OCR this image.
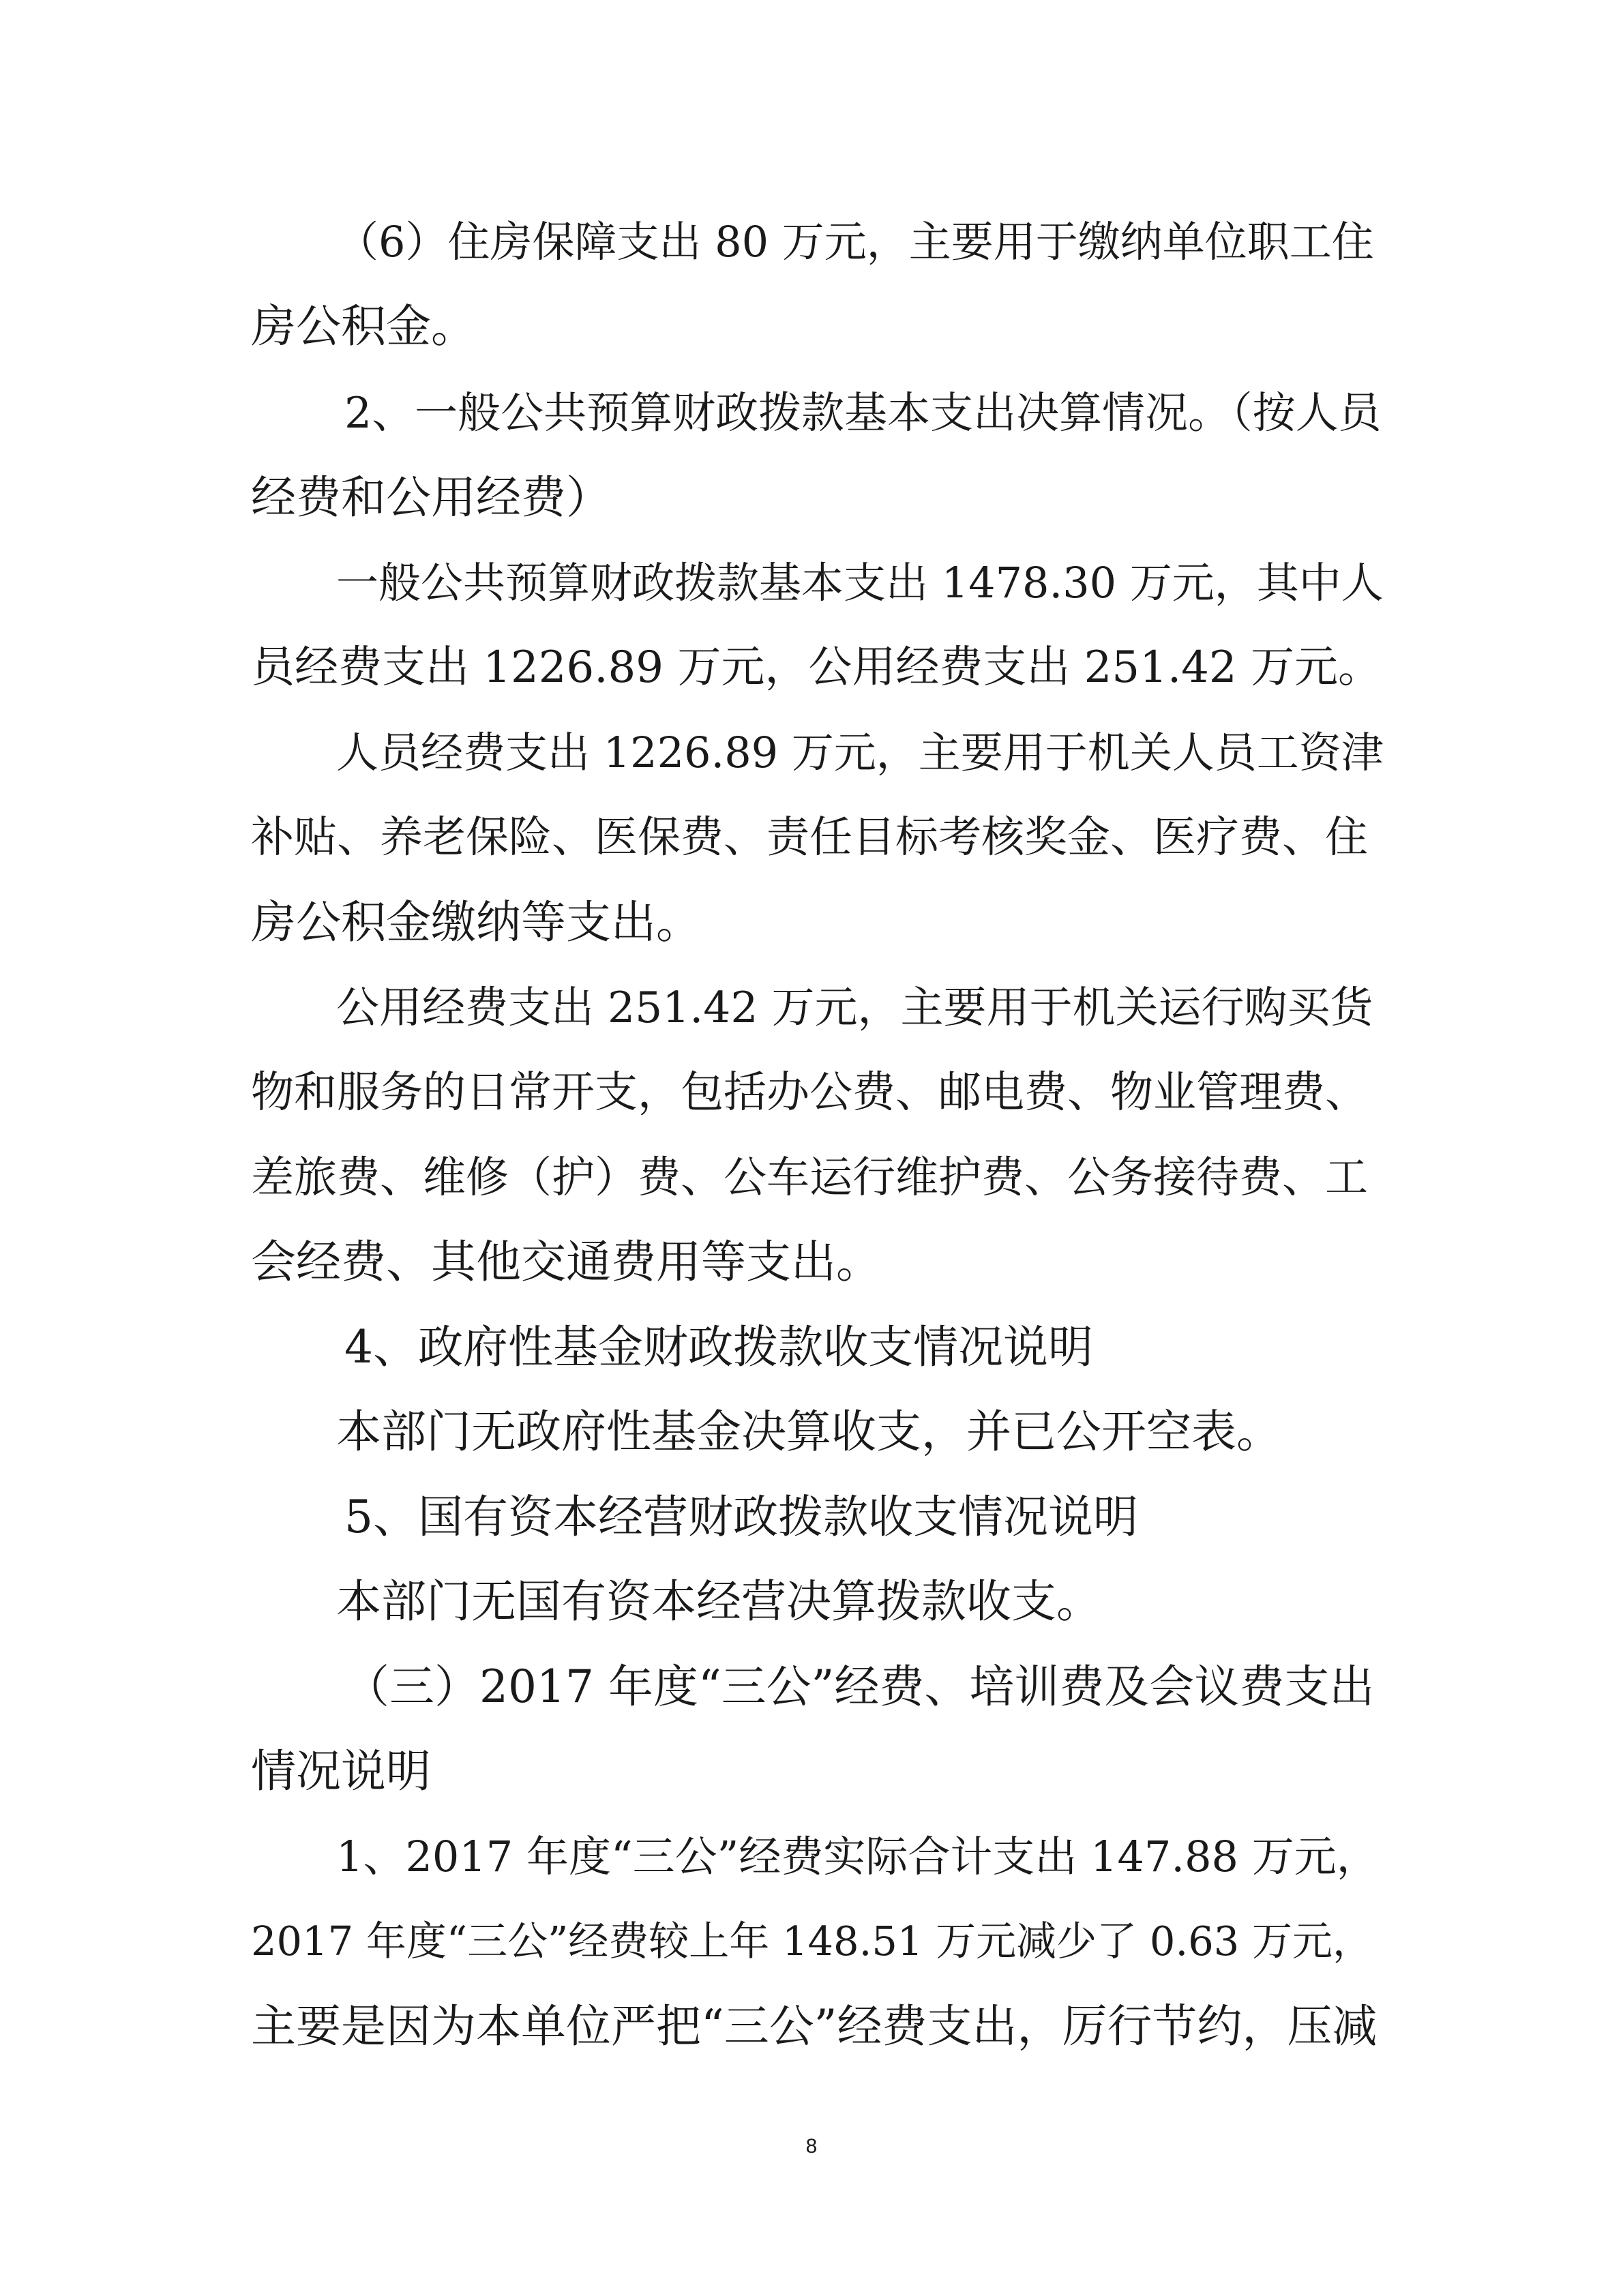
（6）住房保障支出 80 万元，主要用于缴纳单位职工住

房公积金。

2、一般公共预算财政拨款基本支出决算情况。（按人员

经费和公用经费）

一般公共预算财政拨款基本支出 1478.30 万元，其中人

员经费支出 1226.89 万元，公用经费支出 251.42 万元。

人员经费支出 1226.89 万元，主要用于机关人员工资津

补贴、养老保险、医保费、责任目标考核奖金、医疗费、住

房公积金缴纳等支出。

公用经费支出 251.42 万元，主要用于机关运行购买货

物和服务的日常开支，包括办公费、邮电费、物业管理费、

差旅费、维修（护）费、公车运行维护费、公务接待费、工

会经费、其他交通费用等支出。

4、政府性基金财政拨款收支情况说明

本部门无政府性基金决算收支，并已公开空表。

5、国有资本经营财政拨款收支情况说明

本部门无国有资本经营决算拨款收支。

（三）2017 年度“三公”经费、培训费及会议费支出

情况说明

1、2017 年度“三公”经费实际合计支出 147.88 万元，

2017 年度“三公”经费较上年 148.51 万元减少了 0.63 万元，

主要是因为本单位严把“三公”经费支出，厉行节约，压减

8
